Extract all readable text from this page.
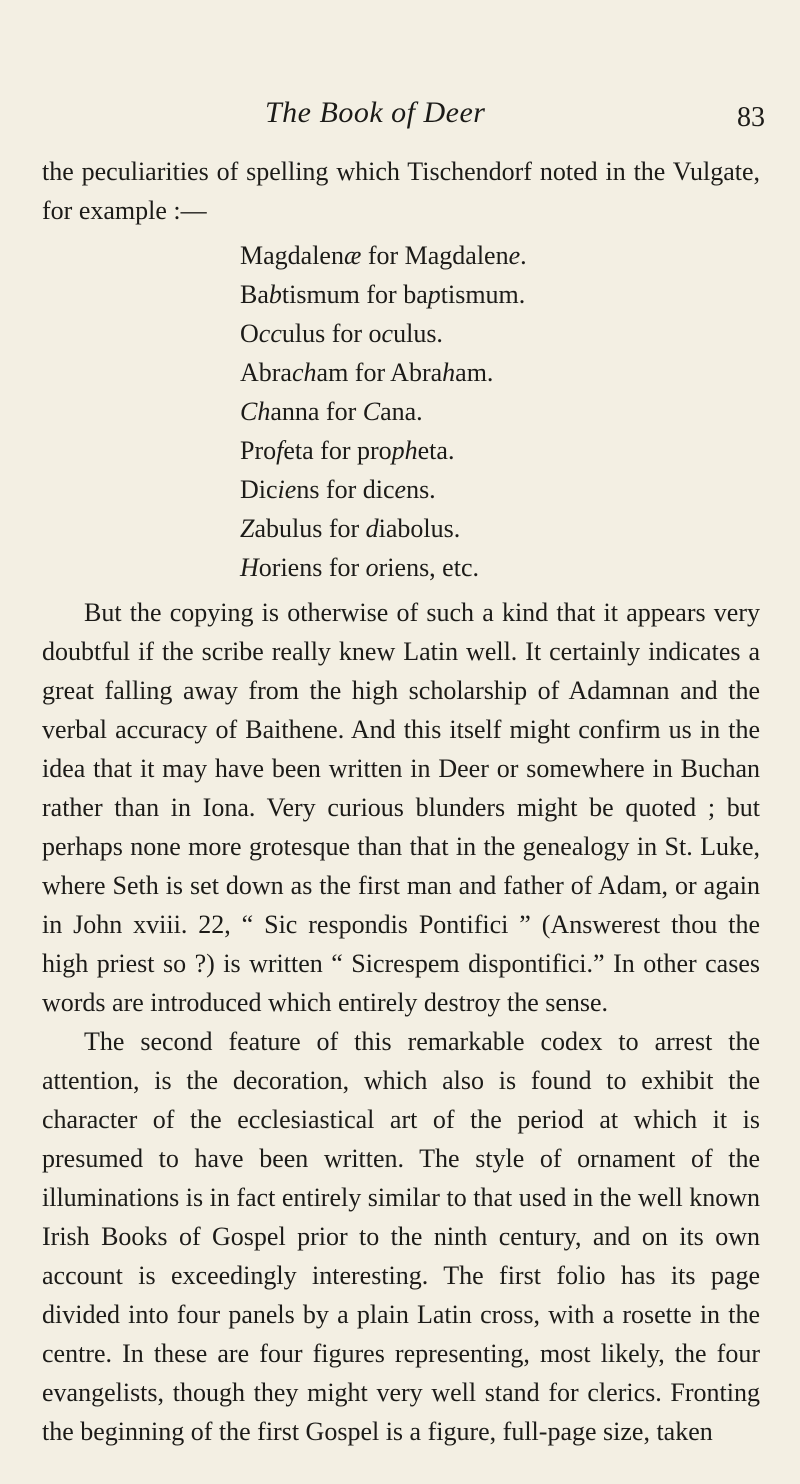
The Book of Deer	83

the peculiarities of spelling which Tischendorf noted in the Vulgate, for example :—

Magdalenæ for Magdalene.
Babtismum for baptismum.
Occulus for oculus.
Abracham for Abraham.
Channa for Cana.
Profeta for propheta.
Diciens for dicens.
Zabulus for diabolus.
Horiens for oriens, etc.

But the copying is otherwise of such a kind that it appears very doubtful if the scribe really knew Latin well. It certainly indicates a great falling away from the high scholarship of Adamnan and the verbal accuracy of Baithene. And this itself might confirm us in the idea that it may have been written in Deer or somewhere in Buchan rather than in Iona. Very curious blunders might be quoted ; but perhaps none more grotesque than that in the genealogy in St. Luke, where Seth is set down as the first man and father of Adam, or again in John xviii. 22, “ Sic respondis Pontifici ” (Answerest thou the high priest so ?) is written “ Sicrespem dispontifici.” In other cases words are introduced which entirely destroy the sense.

The second feature of this remarkable codex to arrest the attention, is the decoration, which also is found to exhibit the character of the ecclesiastical art of the period at which it is presumed to have been written. The style of ornament of the illuminations is in fact entirely similar to that used in the well known Irish Books of Gospel prior to the ninth century, and on its own account is exceedingly interesting. The first folio has its page divided into four panels by a plain Latin cross, with a rosette in the centre. In these are four figures representing, most likely, the four evangelists, though they might very well stand for clerics. Fronting the beginning of the first Gospel is a figure, full-page size, taken
